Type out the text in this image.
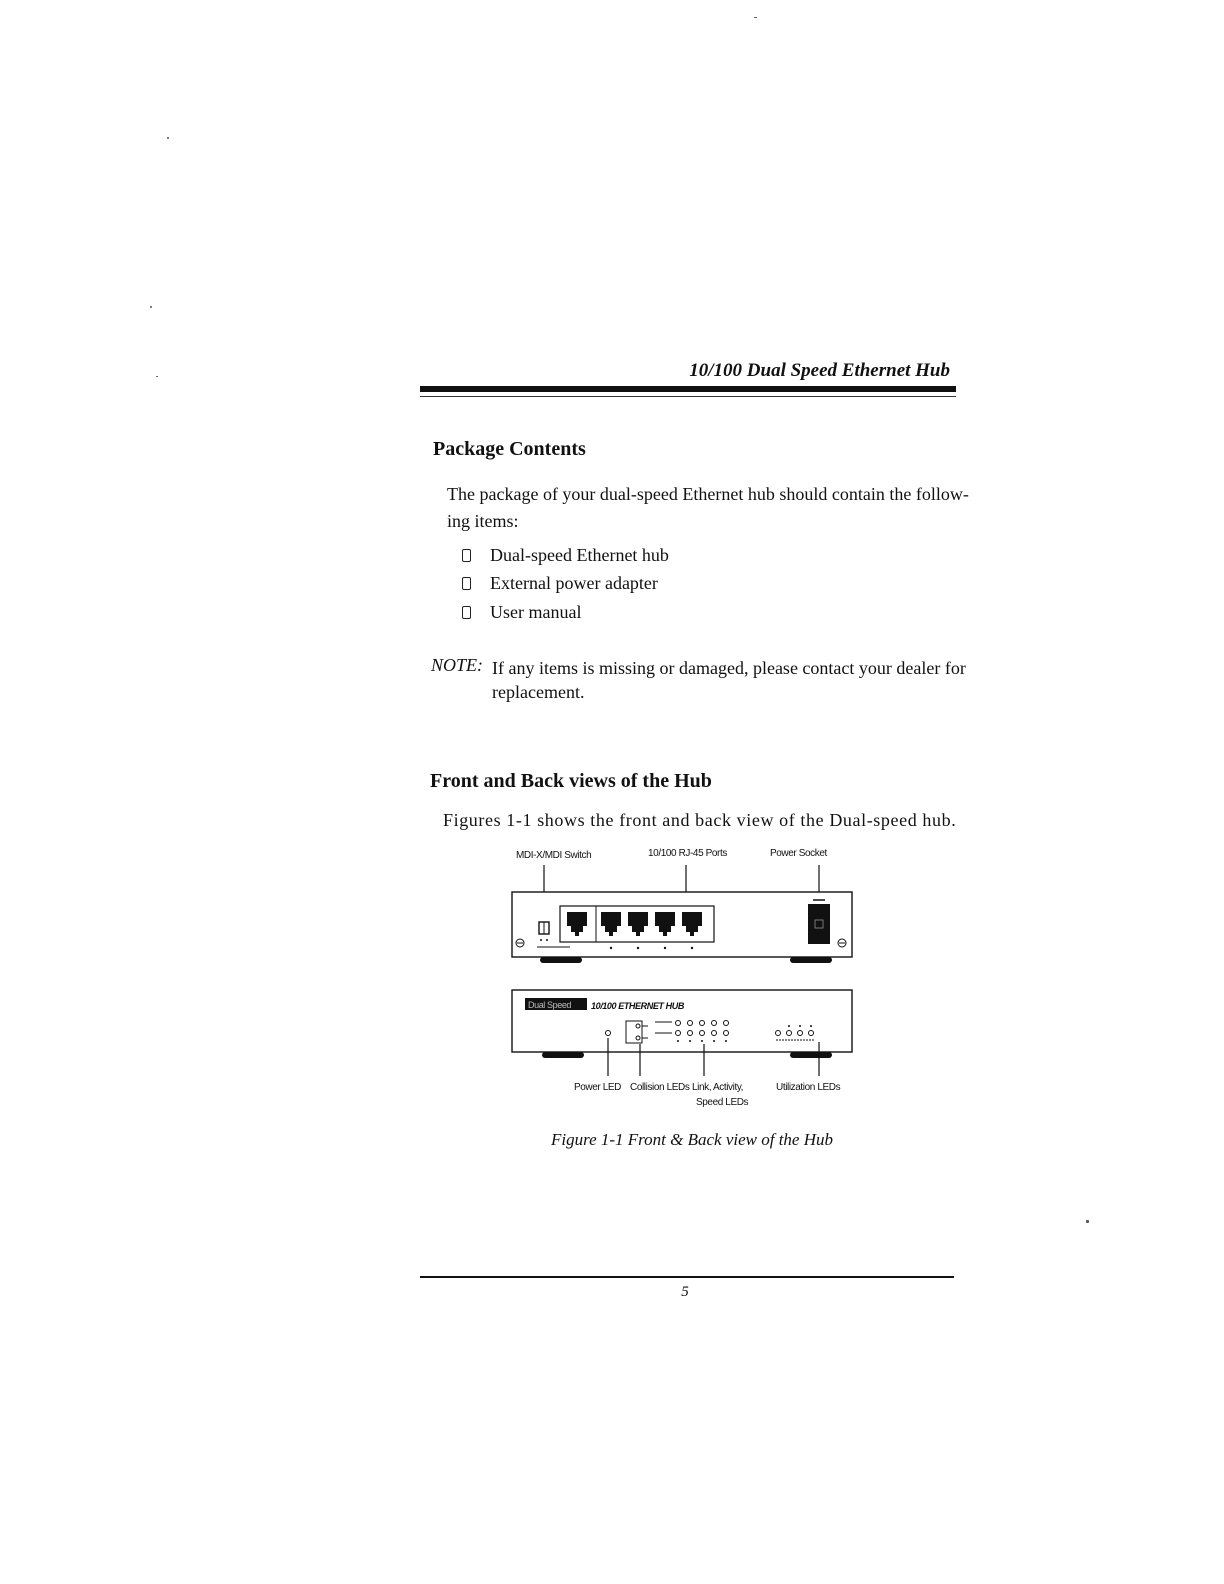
10/100 Dual Speed Ethernet Hub
Package Contents
The package of your dual-speed Ethernet hub should contain the follow-
ing items:
Dual-speed Ethernet hub
External power adapter
User manual
NOTE: If any items is missing or damaged, please contact your dealer for
replacement.
Front and Back views of the Hub
Figures 1-1 shows the front and back view of the Dual-speed hub.
MDI-X/MDI Switch	10/100 RJ-45 Ports	Power Socket
Dual Speed 10/100 ETHERNET HUB
Power LED Collision LEDs Link, Activity,
Speed LEDs
Utilization LEDs
Figure 1-1 Front & Back view of the Hub
5
